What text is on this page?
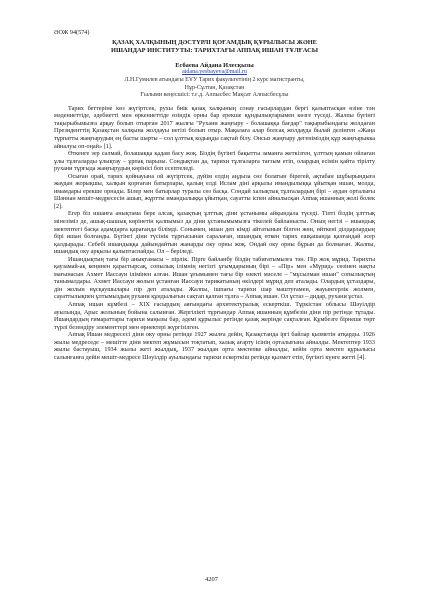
ӘОЖ 94(574)
ҚАЗАҚ ХАЛҚЫНЫҢ ДӘСТҮРЛІ ҚОҒАМДЫҚ ҚҰРЫЛЫСЫ ЖӘНЕ
ИШАНДАР ИНСТИТУТЫ: ТАРИХТАҒЫ АППАҚ ИШАН ТҰЛҒАСЫ
Есбаева Айдана Илесқызы
aidana.yesbayeva@mail.ru
Л.Н.Гумилев атындағы ЕҰУ Тарих факультетінің 2 курс магистранты,
Нұр-Сұлтан, Қазақстан
Ғылыми кеңесшісі: т.ғ.д. Алпысбес Мақсат Алпысбесұлы

Тарих беттеріне көз жүгіртсек, рухы биік қазақ халқының сонау ғасырлардан бергі қалыптасқан өзіне тән мәдениеттіде, әдебиетті мен өркениеттіде өзіндік орны бар ерекше құндылықтарымен көзге түседі. Жалпы бүгінгі тақырыбымызға арқау болып отырған 2017 жылғы "Рухани жаңғыру - болашаққа бағдар" тақырыбындағы жолдаған Президенттің Қазақстан халқына жолдауы негізі болып отыр. Мақалаға алар болсақ жолдауда былай делінген «Жаңа тұрпатты жаңғырудың ең басты шарты – сол ұлттық кодыңды сақтай білу. Онсыз жаңғыру дегеніміздің құр жаңғырыкка айналуы оп-оңай» [1].

Өткенге зер салмай, болашаққа қадам басу жоқ. Біздің бүгінгі бақытты заманға жеткізген, ұлттың қамын ойлаған ұлы тұлғаларды ұлықтау – ұрпақ парызы. Сондықтан да, тарихи тұлғаларға тағзым етіп, олардың есімін қайта тірілту рухани тұрғыда жаңғырудың көрінісі боп есептеледі.

Осыған орай, тарих қойнауына ой жүгіртсек, дүйім елдің аңдыза сөз болатын бірегей, ақтабан шұбырындыға жаудан жорықшы, халқын қорғаған батырлары, қалың елді Ислам діні арқылы имандылыққа ұйытқан ишан, молда, имамдары ерекше орнады. Білер мен батырлар туралы сөз басқа. Сондай халықтық тұлғалардың бірі – аудан орталығы Шәннан мешіт-медресесін ашып, жұртты имандылыққа ұйытқан, сауатты іспен айналысқан Аппақ ишанның жолі болек [2].

Егер біз ишанға анықтама бере алсақ, қазақтың ұлттық діни ұстанымы айқындала түседі. Тіпті біздің ұлттық мінезіміз де, ашық-шашық көрінетін қалпымыз да діни ұстанымымызға тікелей байланысты. Оның негізі – ишандық мектептегі басқа адамдарға қарағанда білімді. Сонымен, ишан деп кімді айтатынын білген жөн, өйткені ділдарлардың бірі ишан болғанды. Бүгінгі діни түсінік тұрғысынан саралаған, ишандық өткен тарих ешқашанда қалғандай әсер қалдырады. Себебі ишандыққа дайындайтын жанарды оку орны жоқ. Ондай оку орны бұрын да болмаған. Жалпы, ишандық оку арқылы қалыптаспайды. Ол – берiледi.

Ишандықтың тағы бір анықтамасы – пірлік. Пірге байланбу біздің табиғатымызға тән. Пір жоқ мұрид. Тарихты қаузамай-ақ кеңинен қарастырсақ, сопылық ілімнің негізгі ұғымдарының бірі – «Пір» мен «Мүрид» сөзінен нақты мағынасын Ахмет Иассауи ілімінен алған. Ишан ұғымымен тағы бір өзекті мәселе – "мұсылман ишан" сопылықтың танымалдары. Ахмет Иассауи жолын ұстанған Иассауи тарикатының өкілдері мұрид деп аталады. Олардың ұстаздары, дін жолын нұсқаушылары пір деп аталады. Жалпы, ішпағы тарихи шар маштуғамен, жауынгерлік жолмен, сауаттылықпен ұлтымыздың рухани құндылығын сақтап қалған тұлға – Аппақ ишан. Ол ұстаз – дидар, рухани ұстаз.

Аппақ ишан кұмбезі – XIX ғасырдың аяғындағы архитектуралық ескерткіш. Тұркістан облысы Шәуілдір ауылында, Арыс жолының бойына салынған. Жергілікті тұрғындар Аппақ ишанның құмбезін діни пір ретінде тұтады. Ишандардың ғимараттары тарихи маңызы бар, әдемі құрылыс ретінде қазақ жерінде сақталған. Құмбезге бірнеше төрт түрлі безендіру элементтері мен өрнектері жүргізілген.

Аппақ Ишан медресесі діни оку орны ретінде 1927 жылға дейін, Қазақстанда іргі байлар қызметін атқарды. 1926 жылы медреседе – мешітте діни мектеп жұмысын тоқтатып, халық ағарту ісінің орталығына айналды. Мектептер 1933 жылы бастауыш, 1934 жылы жеті жылдық, 1937 жылдан орта мектепке айналды, кейін орта мектеп құрылысы салынғанға дейін мешіт-медресе Шәуілдір ауылындағы тарихи ескерткіш ретінде қызмет етіп, бүгінгі күнге жетті [4].

4207
